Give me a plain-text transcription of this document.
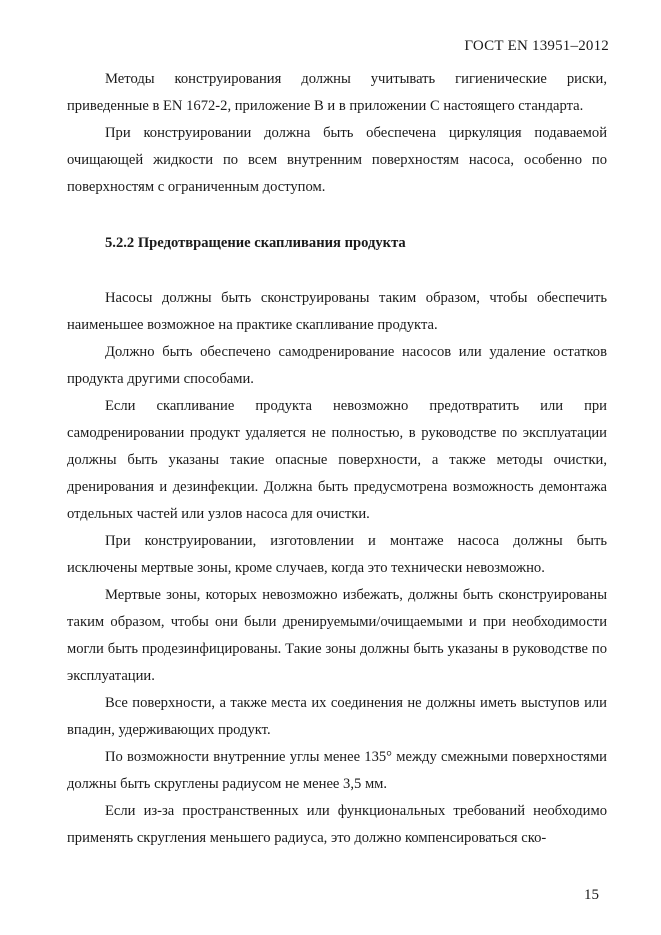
ГОСТ EN 13951–2012

Методы конструирования должны учитывать гигиенические риски, приведенные в EN 1672-2, приложение B и в приложении C настоящего стандарта.

При конструировании должна быть обеспечена циркуляция подаваемой очищающей жидкости по всем внутренним поверхностям насоса, особенно по поверхностям с ограниченным доступом.

5.2.2 Предотвращение скапливания продукта

Насосы должны быть сконструированы таким образом, чтобы обеспечить наименьшее возможное на практике скапливание продукта.

Должно быть обеспечено самодренирование насосов или удаление остатков продукта другими способами.

Если скапливание продукта невозможно предотвратить или при самодренировании продукт удаляется не полностью, в руководстве по эксплуатации должны быть указаны такие опасные поверхности, а также методы очистки, дренирования и дезинфекции. Должна быть предусмотрена возможность демонтажа отдельных частей или узлов насоса для очистки.

При конструировании, изготовлении и монтаже насоса должны быть исключены мертвые зоны, кроме случаев, когда это технически невозможно.

Мертвые зоны, которых невозможно избежать, должны быть сконструированы таким образом, чтобы они были дренируемыми/очищаемыми и при необходимости могли быть продезинфицированы. Такие зоны должны быть указаны в руководстве по эксплуатации.

Все поверхности, а также места их соединения не должны иметь выступов или впадин, удерживающих продукт.

По возможности внутренние углы менее 135° между смежными поверхностями должны быть скруглены радиусом не менее 3,5 мм.

Если из-за пространственных или функциональных требований необходимо применять скругления меньшего радиуса, это должно компенсироваться ско-

15
